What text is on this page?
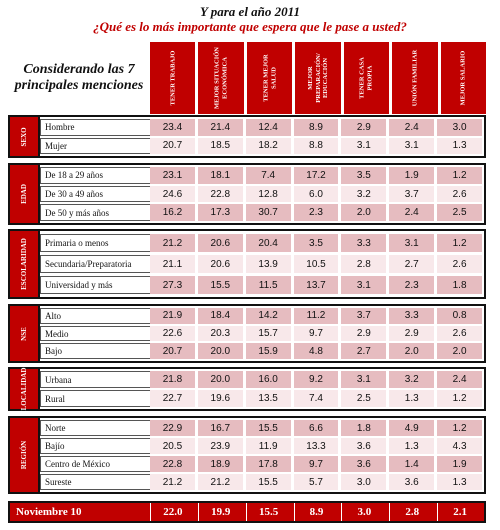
Y para el año 2011
¿Qué es lo más importante que espera que le pase a usted?
Considerando las 7 principales menciones	TENER TRABAJO	MEJOR SITUACIÓN ECONÓMICA	TENER MEJOR SALUD	MEJOR PREPARACIÓN/ EDUCACIÓN	TENER CASA PROPIA	UNIÓN FAMILIAR	MEJOR SALARIO
SEXO	Hombre	23.4	21.4	12.4	8.9	2.9	2.4	3.0
Mujer	20.7	18.5	18.2	8.8	3.1	3.1	1.3
EDAD
De 18 a 29 años	23.1	18.1	7.4	17.2	3.5	1.9	1.2
De 30 a 49 años	24.6	22.8	12.8	6.0	3.2	3.7	2.6
De 50 y más años	16.2	17.3	30.7	2.3	2.0	2.4	2.5
ESCOLARIDAD	Primaria o menos	21.2	20.6	20.4	3.5	3.3	3.1	1.2
Secundaria/Preparatoria	21.1	20.6	13.9	10.5	2.8	2.7	2.6
Universidad y más	27.3	15.5	11.5	13.7	3.1	2.3	1.8
NSE
Alto	21.9	18.4	14.2	11.2	3.7	3.3	0.8
Medio	22.6	20.3	15.7	9.7	2.9	2.9	2.6
Bajo	20.7	20.0	15.9	4.8	2.7	2.0	2.0
LOCALIDAD	Urbana	21.8	20.0	16.0	9.2	3.1	3.2	2.4
Rural	22.7	19.6	13.5	7.4	2.5	1.3	1.2
REGIÓN
Norte	22.9	16.7	15.5	6.6	1.8	4.9	1.2
Bajío	20.5	23.9	11.9	13.3	3.6	1.3	4.3
Centro de México	22.8	18.9	17.8	9.7	3.6	1.4	1.9
Sureste	21.2	21.2	15.5	5.7	3.0	3.6	1.3
Noviembre 10	22.0	19.9	15.5	8.9	3.0	2.8	2.1
